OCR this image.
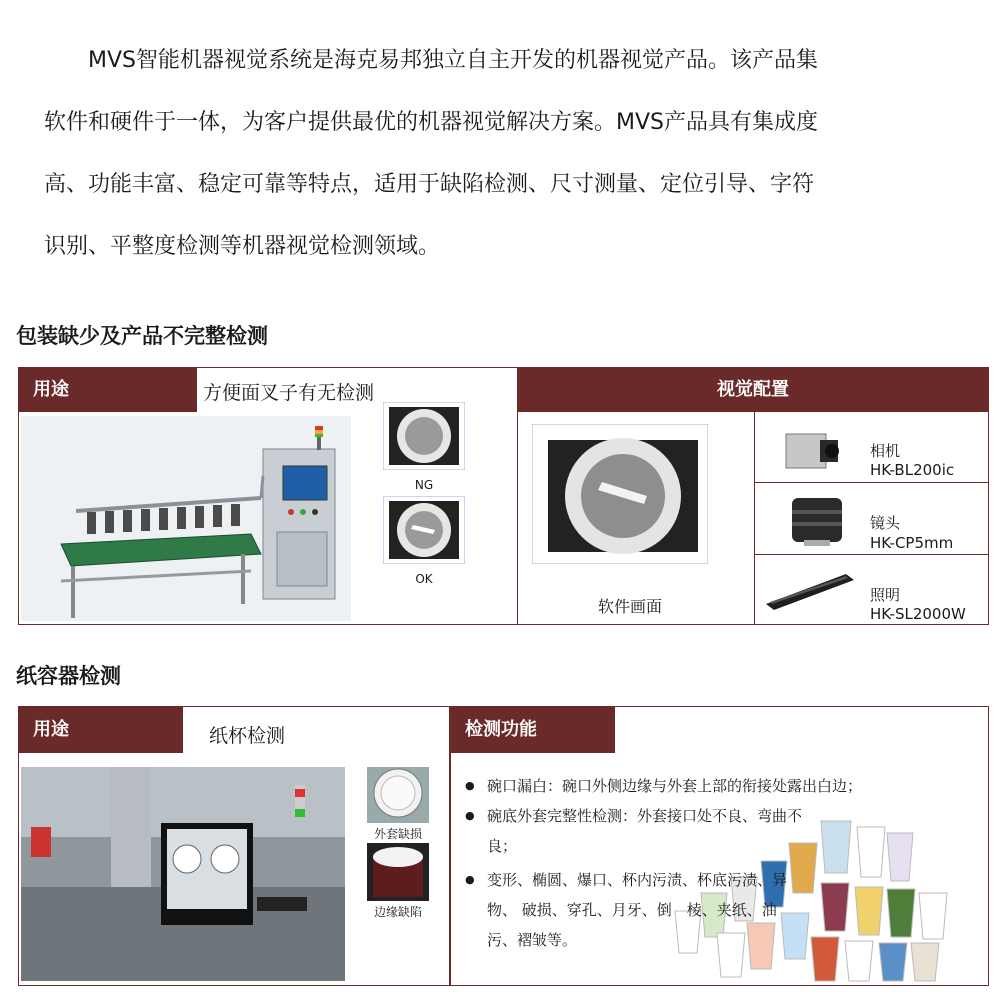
　　MVS智能机器视觉系统是海克易邦独立自主开发的机器视觉产品。该产品集

软件和硬件于一体，为客户提供最优的机器视觉解决方案。MVS产品具有集成度

高、功能丰富、稳定可靠等特点，适用于缺陷检测、尺寸测量、定位引导、字符

识别、平整度检测等机器视觉检测领域。

包装缺少及产品不完整检测
用途	方便面叉子有无检测
NG
OK
视觉配置
软件画面
相机
HK-BL200ic
镜头
HK-CP5mm
照明
HK-SL2000W
纸容器检测
用途	纸杯检测
外套缺损
边缘缺陷
检测功能
● 碗口漏白：碗口外侧边缘与外套上部的衔接处露出白边；
● 碗底外套完整性检测：外套接口处不良、弯曲不良；
● 变形、椭圆、爆口、杯内污渍、杯底污渍、异物、 破损、穿孔、月牙、倒　棱、夹纸、油污、褶皱等。
